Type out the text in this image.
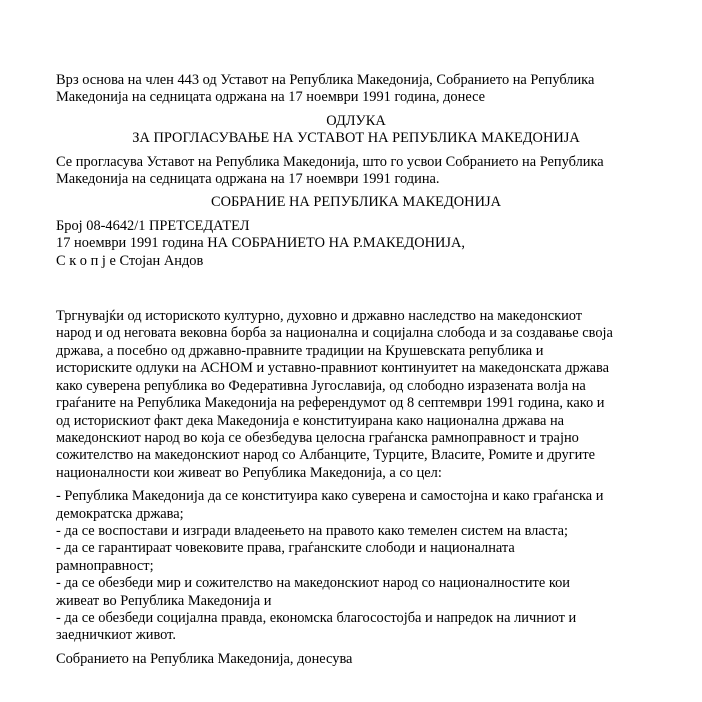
Врз основа на член 443 од Уставот на Република Македонија, Собранието на Република
Македонија на седницата одржана на 17 ноември 1991 година, донесе

ОДЛУКА
ЗА ПРОГЛАСУВАЊЕ НА УСТАВОТ НА РЕПУБЛИКА МАКЕДОНИЈА

Се прогласува Уставот на Република Македонија, што го усвои Собранието на Република
Македонија на седницата одржана на 17 ноември 1991 година.

СОБРАНИЕ НА РЕПУБЛИКА МАКЕДОНИЈА

Број 08-4642/1 ПРЕТСЕДАТЕЛ
17 ноември 1991 година НА СОБРАНИЕТО НА Р.МАКЕДОНИЈА,
С к о п ј е Стојан Андов

Тргнувајќи од историското културно, духовно и државно наследство на македонскиот
народ и од неговата вековна борба за национална и социјална слобода и за создавање своја
држава, а посебно од државно-правните традиции на Крушевската република и
историските одлуки на АСНОМ и уставно-правниот континуитет на македонската држава
како суверена република во Федеративна Југославија, од слободно изразената волја на
граѓаните на Република Македонија на референдумот од 8 септември 1991 година, како и
од историскиот факт дека Македонија е конституирана како национална држава на
македонскиот народ во која се обезбедува целосна граѓанска рамноправност и трајно
сожителство на македонскиот народ со Албанците, Турците, Власите, Ромите и другите
националности кои живеат во Република Македонија, а со цел:

- Република Македонија да се конституира како суверена и самостојна и како граѓанска и
демократска држава;
- да се воспостави и изгради владеењето на правото како темелен систем на власта;
- да се гарантираат човековите права, граѓанските слободи и националната
рамноправност;
- да се обезбеди мир и сожителство на македонскиот народ со националностите кои
живеат во Република Македонија и
- да се обезбеди социјална правда, економска благосостојба и напредок на личниот и
заедничкиот живот.

Собранието на Република Македонија, донесува
